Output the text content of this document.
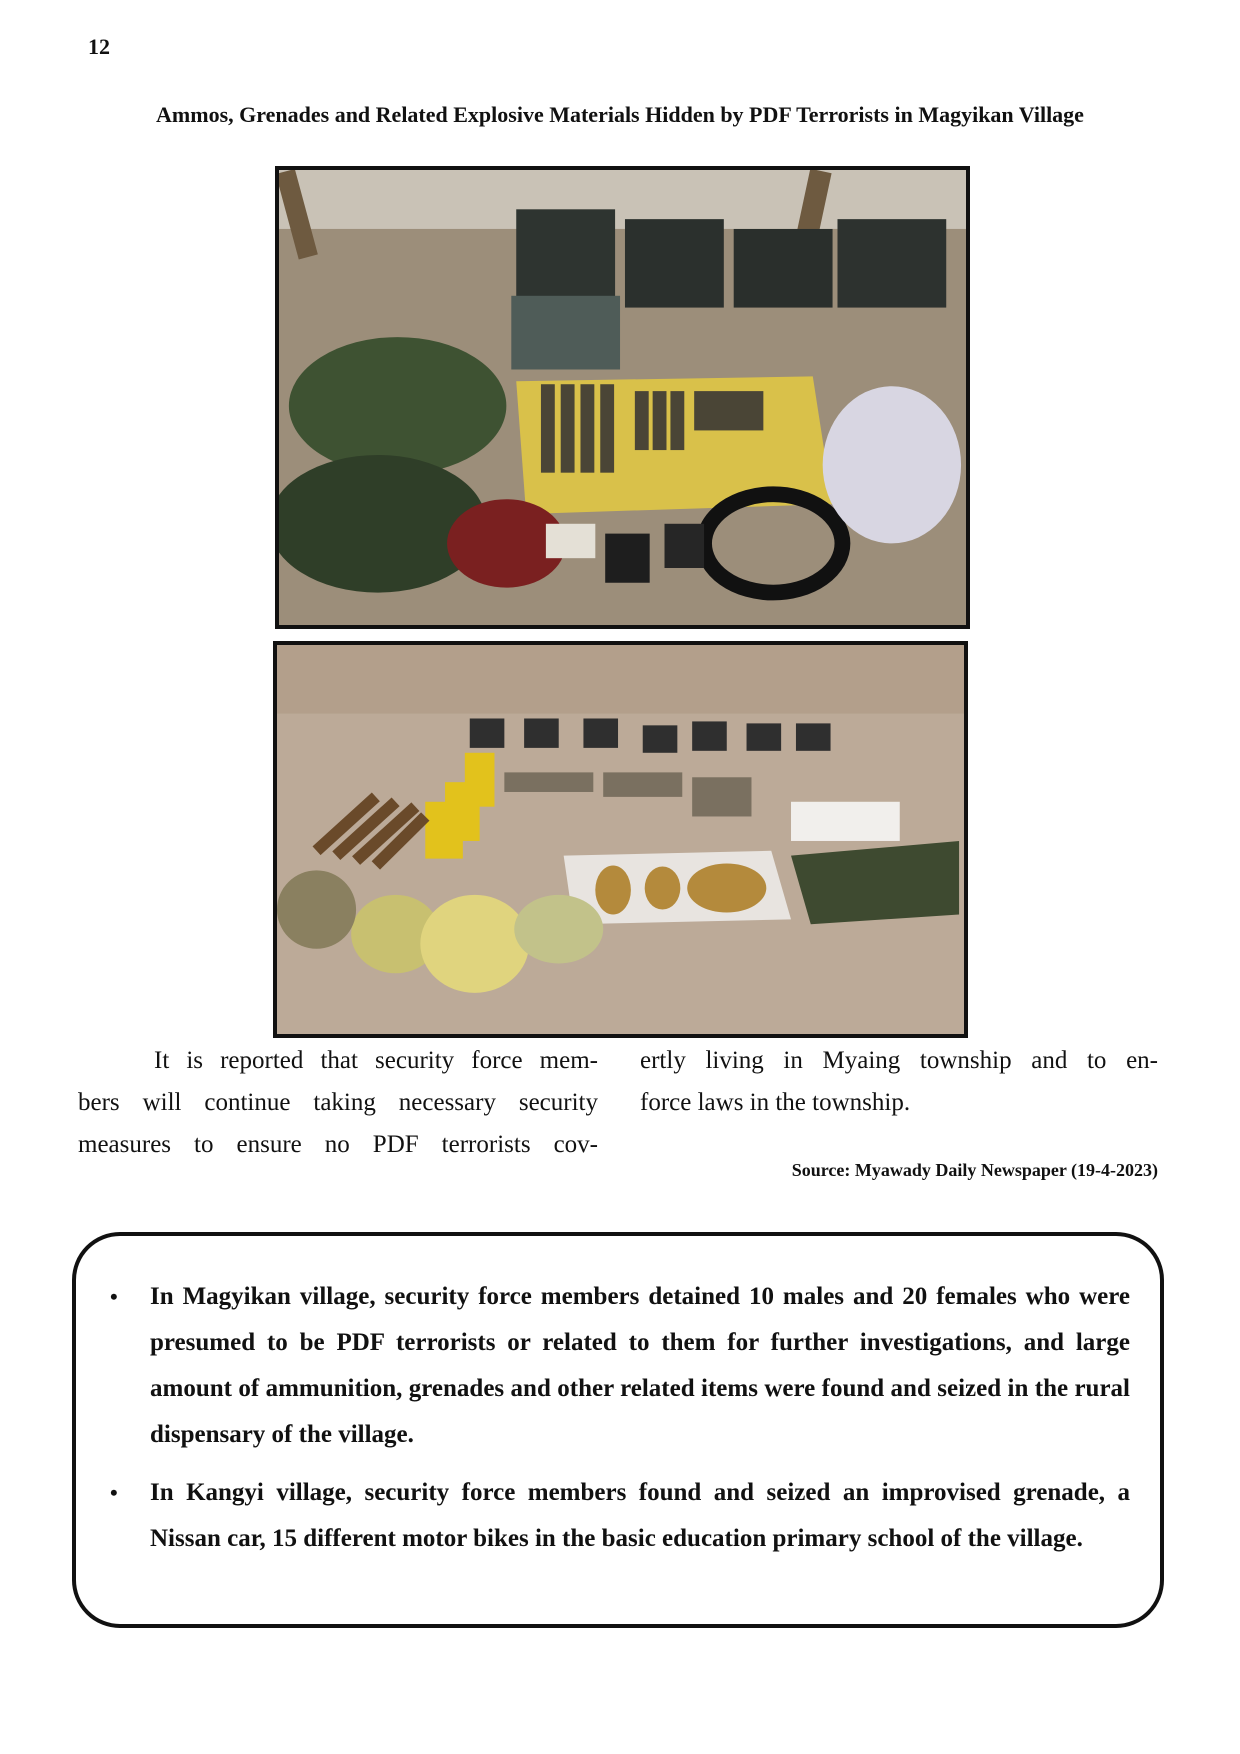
12
Ammos, Grenades and Related Explosive Materials Hidden by PDF Terrorists in Magyikan Village
It is reported that security force mem-
bers will continue taking necessary security
measures to ensure no PDF terrorists cov-
ertly living in Myaing township and to en-
force laws in the township.
Source: Myawady Daily Newspaper (19-4-2023)
• In Magyikan village, security force members detained 10 males and 20 females who were presumed to be PDF terrorists or related to them for further investigations, and large amount of ammunition, grenades and other related items were found and seized in the rural dispensary of the village.
• In Kangyi village, security force members found and seized an improvised grenade, a Nissan car, 15 different motor bikes in the basic education primary school of the village.
